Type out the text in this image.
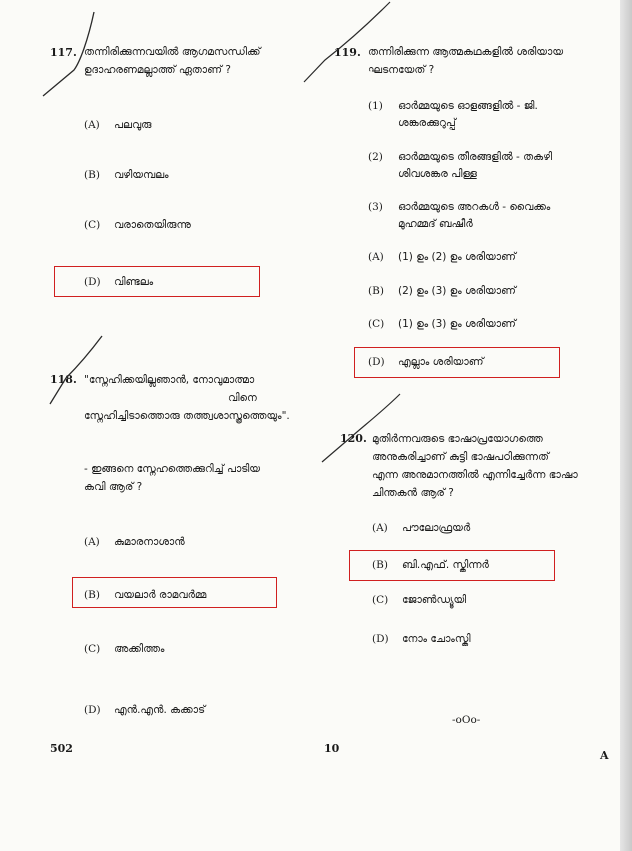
117. തന്നിരിക്കുന്നവയിൽ ആഗമസന്ധിക്ക്
ഉദാഹരണമല്ലാത്ത് ഏതാണ് ?
(A) പലവുരു
(B) വഴിയമ്പലം
(C) വരാതെയിരുന്നു
(D) വിണ്ടലം
118. "സ്നേഹിക്കയില്ലഞാൻ, നോവുമാത്മാ
വിനെ
സ്നേഹിച്ചിടാത്തൊരു തത്ത്വശാസ്ത്രത്തെയും".
- ഇങ്ങനെ സ്നേഹത്തെക്കുറിച്ച് പാടിയ
കവി ആര് ?
(A) കുമാരനാശാൻ
(B) വയലാർ രാമവർമ്മ
(C) അക്കിത്തം
(D) എൻ.എൻ. കക്കാട്
119. തന്നിരിക്കുന്ന ആത്മകഥകളിൽ ശരിയായ
ഘടനയേത് ?
(1) ഓർമ്മയുടെ ഓളങ്ങളിൽ - ജി.
ശങ്കരക്കുറുപ്പ്
(2) ഓർമ്മയുടെ തീരങ്ങളിൽ - തകഴി
ശിവശങ്കര പിള്ള
(3) ഓർമ്മയുടെ അറകൾ - വൈക്കം
മുഹമ്മദ് ബഷീർ
(A) (1) ഉം (2) ഉം ശരിയാണ്
(B) (2) ഉം (3) ഉം ശരിയാണ്
(C) (1) ഉം (3) ഉം ശരിയാണ്
(D) എല്ലാം ശരിയാണ്
120. മുതിർന്നവരുടെ ഭാഷാപ്രയോഗത്തെ
അനുകരിച്ചാണ് കുട്ടി ഭാഷപഠിക്കുന്നത്
എന്ന അനുമാനത്തിൽ എന്നിച്ചേർന്ന ഭാഷാ
ചിന്തകൻ ആര് ?
(A) പൗലോഫ്രയർ
(B) ബി.എഫ്. സ്കിന്നർ
(C) ജോൺഡ്യൂയി
(D) നോം ചോംസ്കി
-oOo-
502	10
A
